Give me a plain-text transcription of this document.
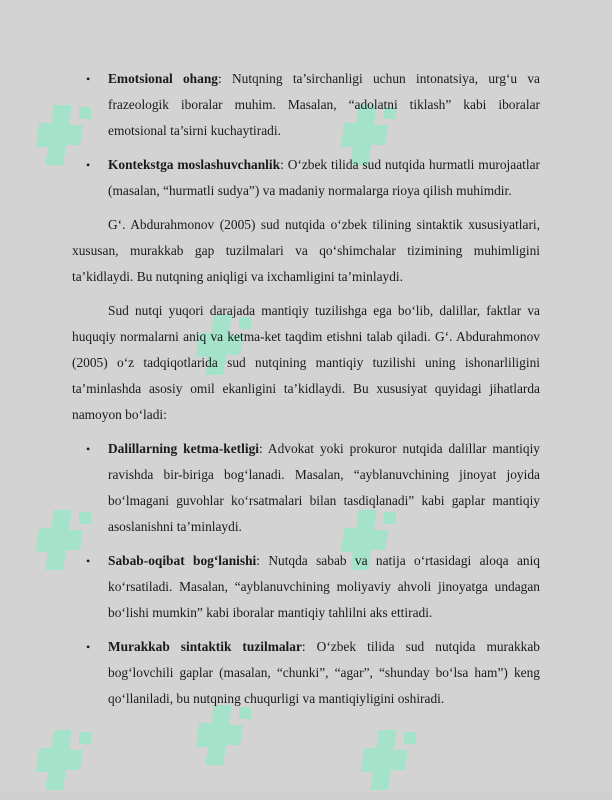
• Emotsional ohang: Nutqning ta’sirchanligi uchun intonatsiya, urg‘u va frazeologik iboralar muhim. Masalan, “adolatni tiklash” kabi iboralar emotsional ta’sirni kuchaytiradi.
• Kontekstga moslashuvchanlik: O‘zbek tilida sud nutqida hurmatli murojaatlar (masalan, “hurmatli sudya”) va madaniy normalarga rioya qilish muhimdir.

G‘. Abdurahmonov (2005) sud nutqida o‘zbek tilining sintaktik xususiyatlari, xususan, murakkab gap tuzilmalari va qo‘shimchalar tizimining muhimligini ta’kidlaydi. Bu nutqning aniqligi va ixchamligini ta’minlaydi.

Sud nutqi yuqori darajada mantiqiy tuzilishga ega bo‘lib, dalillar, faktlar va huquqiy normalarni aniq va ketma-ket taqdim etishni talab qiladi. G‘. Abdurahmonov (2005) o‘z tadqiqotlarida sud nutqining mantiqiy tuzilishi uning ishonarliligini ta’minlashda asosiy omil ekanligini ta’kidlaydi. Bu xususiyat quyidagi jihatlarda namoyon bo‘ladi:

• Dalillarning ketma-ketligi: Advokat yoki prokuror nutqida dalillar mantiqiy ravishda bir-biriga bog‘lanadi. Masalan, “ayblanuvchining jinoyat joyida bo‘lmagani guvohlar ko‘rsatmalari bilan tasdiqlanadi” kabi gaplar mantiqiy asoslanishni ta’minlaydi.
• Sabab-oqibat bog‘lanishi: Nutqda sabab va natija o‘rtasidagi aloqa aniq ko‘rsatiladi. Masalan, “ayblanuvchining moliyaviy ahvoli jinoyatga undagan bo‘lishi mumkin” kabi iboralar mantiqiy tahlilni aks ettiradi.
• Murakkab sintaktik tuzilmalar: O‘zbek tilida sud nutqida murakkab bog‘lovchili gaplar (masalan, “chunki”, “agar”, “shunday bo‘lsa ham”) keng qo‘llaniladi, bu nutqning chuqurligi va mantiqiyligini oshiradi.
